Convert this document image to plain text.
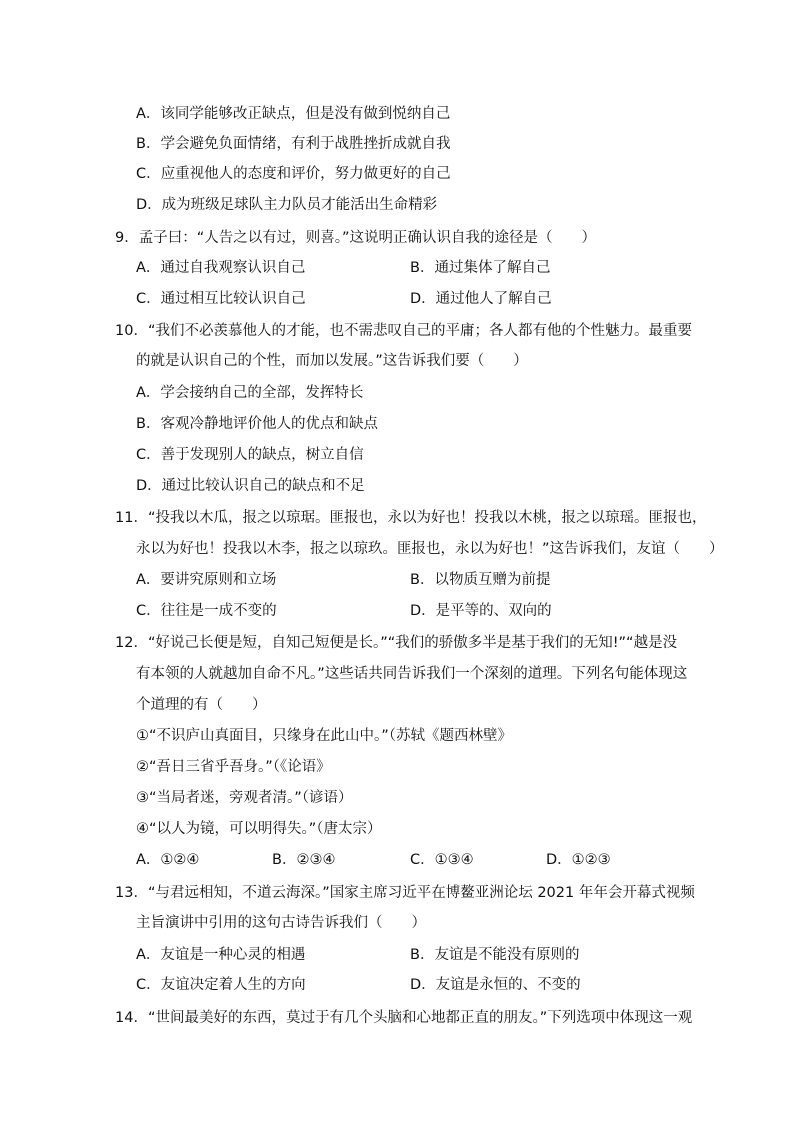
A．该同学能够改正缺点，但是没有做到悦纳自己
B．学会避免负面情绪，有利于战胜挫折成就自我
C．应重视他人的态度和评价，努力做更好的自己
D．成为班级足球队主力队员才能活出生命精彩
9．孟子曰：“人告之以有过，则喜。”这说明正确认识自我的途径是（　　）
A．通过自我观察认识自己	B．通过集体了解自己
C．通过相互比较认识自己	D．通过他人了解自己
10．“我们不必羡慕他人的才能，也不需悲叹自己的平庸；各人都有他的个性魅力。最重要
的就是认识自己的个性，而加以发展。”这告诉我们要（　　）
A．学会接纳自己的全部，发挥特长
B．客观冷静地评价他人的优点和缺点
C．善于发现别人的缺点，树立自信
D．通过比较认识自己的缺点和不足
11．“投我以木瓜，报之以琼琚。匪报也，永以为好也！投我以木桃，报之以琼瑶。匪报也，
永以为好也！投我以木李，报之以琼玖。匪报也，永以为好也！”这告诉我们，友谊（　　）
A．要讲究原则和立场	B．以物质互赠为前提
C．往往是一成不变的	D．是平等的、双向的
12．“好说己长便是短，自知己短便是长。”“我们的骄傲多半是基于我们的无知!”“越是没
有本领的人就越加自命不凡。”这些话共同告诉我们一个深刻的道理。下列名句能体现这
个道理的有（　　）
①“不识庐山真面目，只缘身在此山中。”（苏轼《题西林壁》
②“吾日三省乎吾身。”（《论语》
③“当局者迷，旁观者清。”（谚语）
④“以人为镜，可以明得失。”（唐太宗）
A．①②④	B．②③④	C．①③④	D．①②③
13．“与君远相知，不道云海深。”国家主席习近平在博鳌亚洲论坛 2021 年年会开幕式视频
主旨演讲中引用的这句古诗告诉我们（　　）
A．友谊是一种心灵的相遇	B．友谊是不能没有原则的
C．友谊决定着人生的方向	D．友谊是永恒的、不变的
14．“世间最美好的东西，莫过于有几个头脑和心地都正直的朋友。”下列选项中体现这一观
